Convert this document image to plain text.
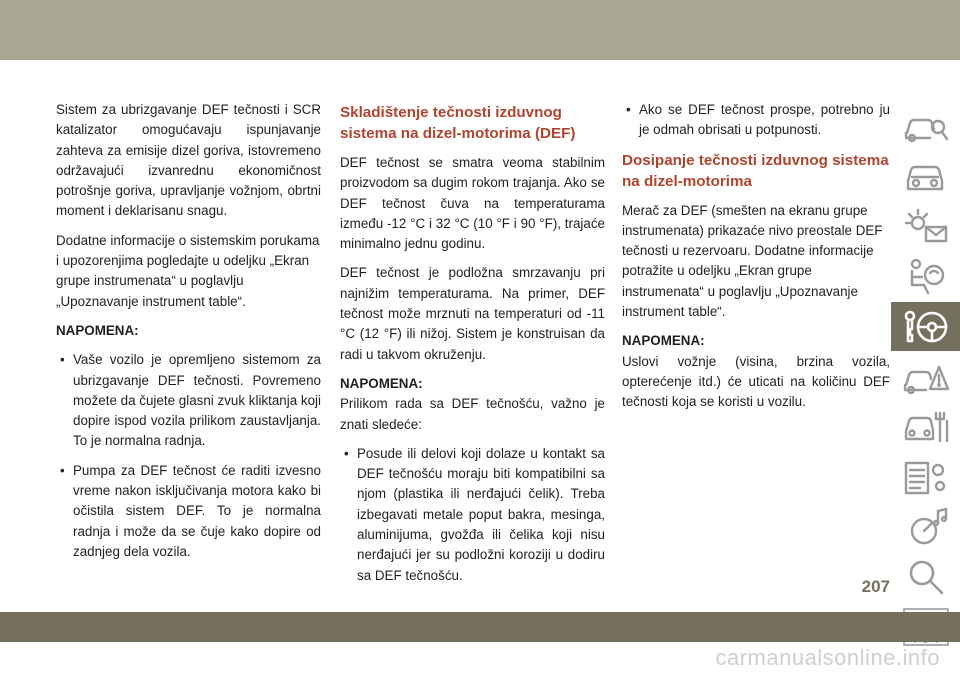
Sistem za ubrizgavanje DEF tečnosti i SCR katalizator omogućavaju ispunjavanje zahteva za emisije dizel goriva, istovremeno održavajući izvanrednu ekonomičnost potrošnje goriva, upravljanje vožnjom, obrtni moment i deklarisanu snagu.

Dodatne informacije o sistemskim porukama i upozorenjima pogledajte u odeljku „Ekran grupe instrumenata“ u poglavlju „Upoznavanje instrument table“.

NAPOMENA:

• Vaše vozilo je opremljeno sistemom za ubrizgavanje DEF tečnosti. Povremeno možete da čujete glasni zvuk kliktanja koji dopire ispod vozila prilikom zaustavljanja. To je normalna radnja.
• Pumpa za DEF tečnost će raditi izvesno vreme nakon isključivanja motora kako bi očistila sistem DEF. To je normalna radnja i može da se čuje kako dopire od zadnjeg dela vozila.
Skladištenje tečnosti izduvnog sistema na dizel-motorima (DEF)

DEF tečnost se smatra veoma stabilnim proizvodom sa dugim rokom trajanja. Ako se DEF tečnost čuva na temperaturama između -12 °C i 32 °C (10 °F i 90 °F), trajaće minimalno jednu godinu.

DEF tečnost je podložna smrzavanju pri najnižim temperaturama. Na primer, DEF tečnost može mrznuti na temperaturi od -11 °C (12 °F) ili nižoj. Sistem je konstruisan da radi u takvom okruženju.

NAPOMENA:

Prilikom rada sa DEF tečnošću, važno je znati sledeće:

• Posude ili delovi koji dolaze u kontakt sa DEF tečnošću moraju biti kompatibilni sa njom (plastika ili nerđajući čelik). Treba izbegavati metale poput bakra, mesinga, aluminijuma, gvožđa ili čelika koji nisu nerđajući jer su podložni koroziji u dodiru sa DEF tečnošću.
• Ako se DEF tečnost prospe, potrebno ju je odmah obrisati u potpunosti.
Dosipanje tečnosti izduvnog sistema na dizel-motorima

Merač za DEF (smešten na ekranu grupe instrumenata) prikazaće nivo preostale DEF tečnosti u rezervoaru. Dodatne informacije potražite u odeljku „Ekran grupe instrumenata“ u poglavlju „Upoznavanje instrument table“.

NAPOMENA:

Uslovi vožnje (visina, brzina vozila, opterećenje itd.) će uticati na količinu DEF tečnosti koja se koristi u vozilu.

207
carmanualsonline.info
